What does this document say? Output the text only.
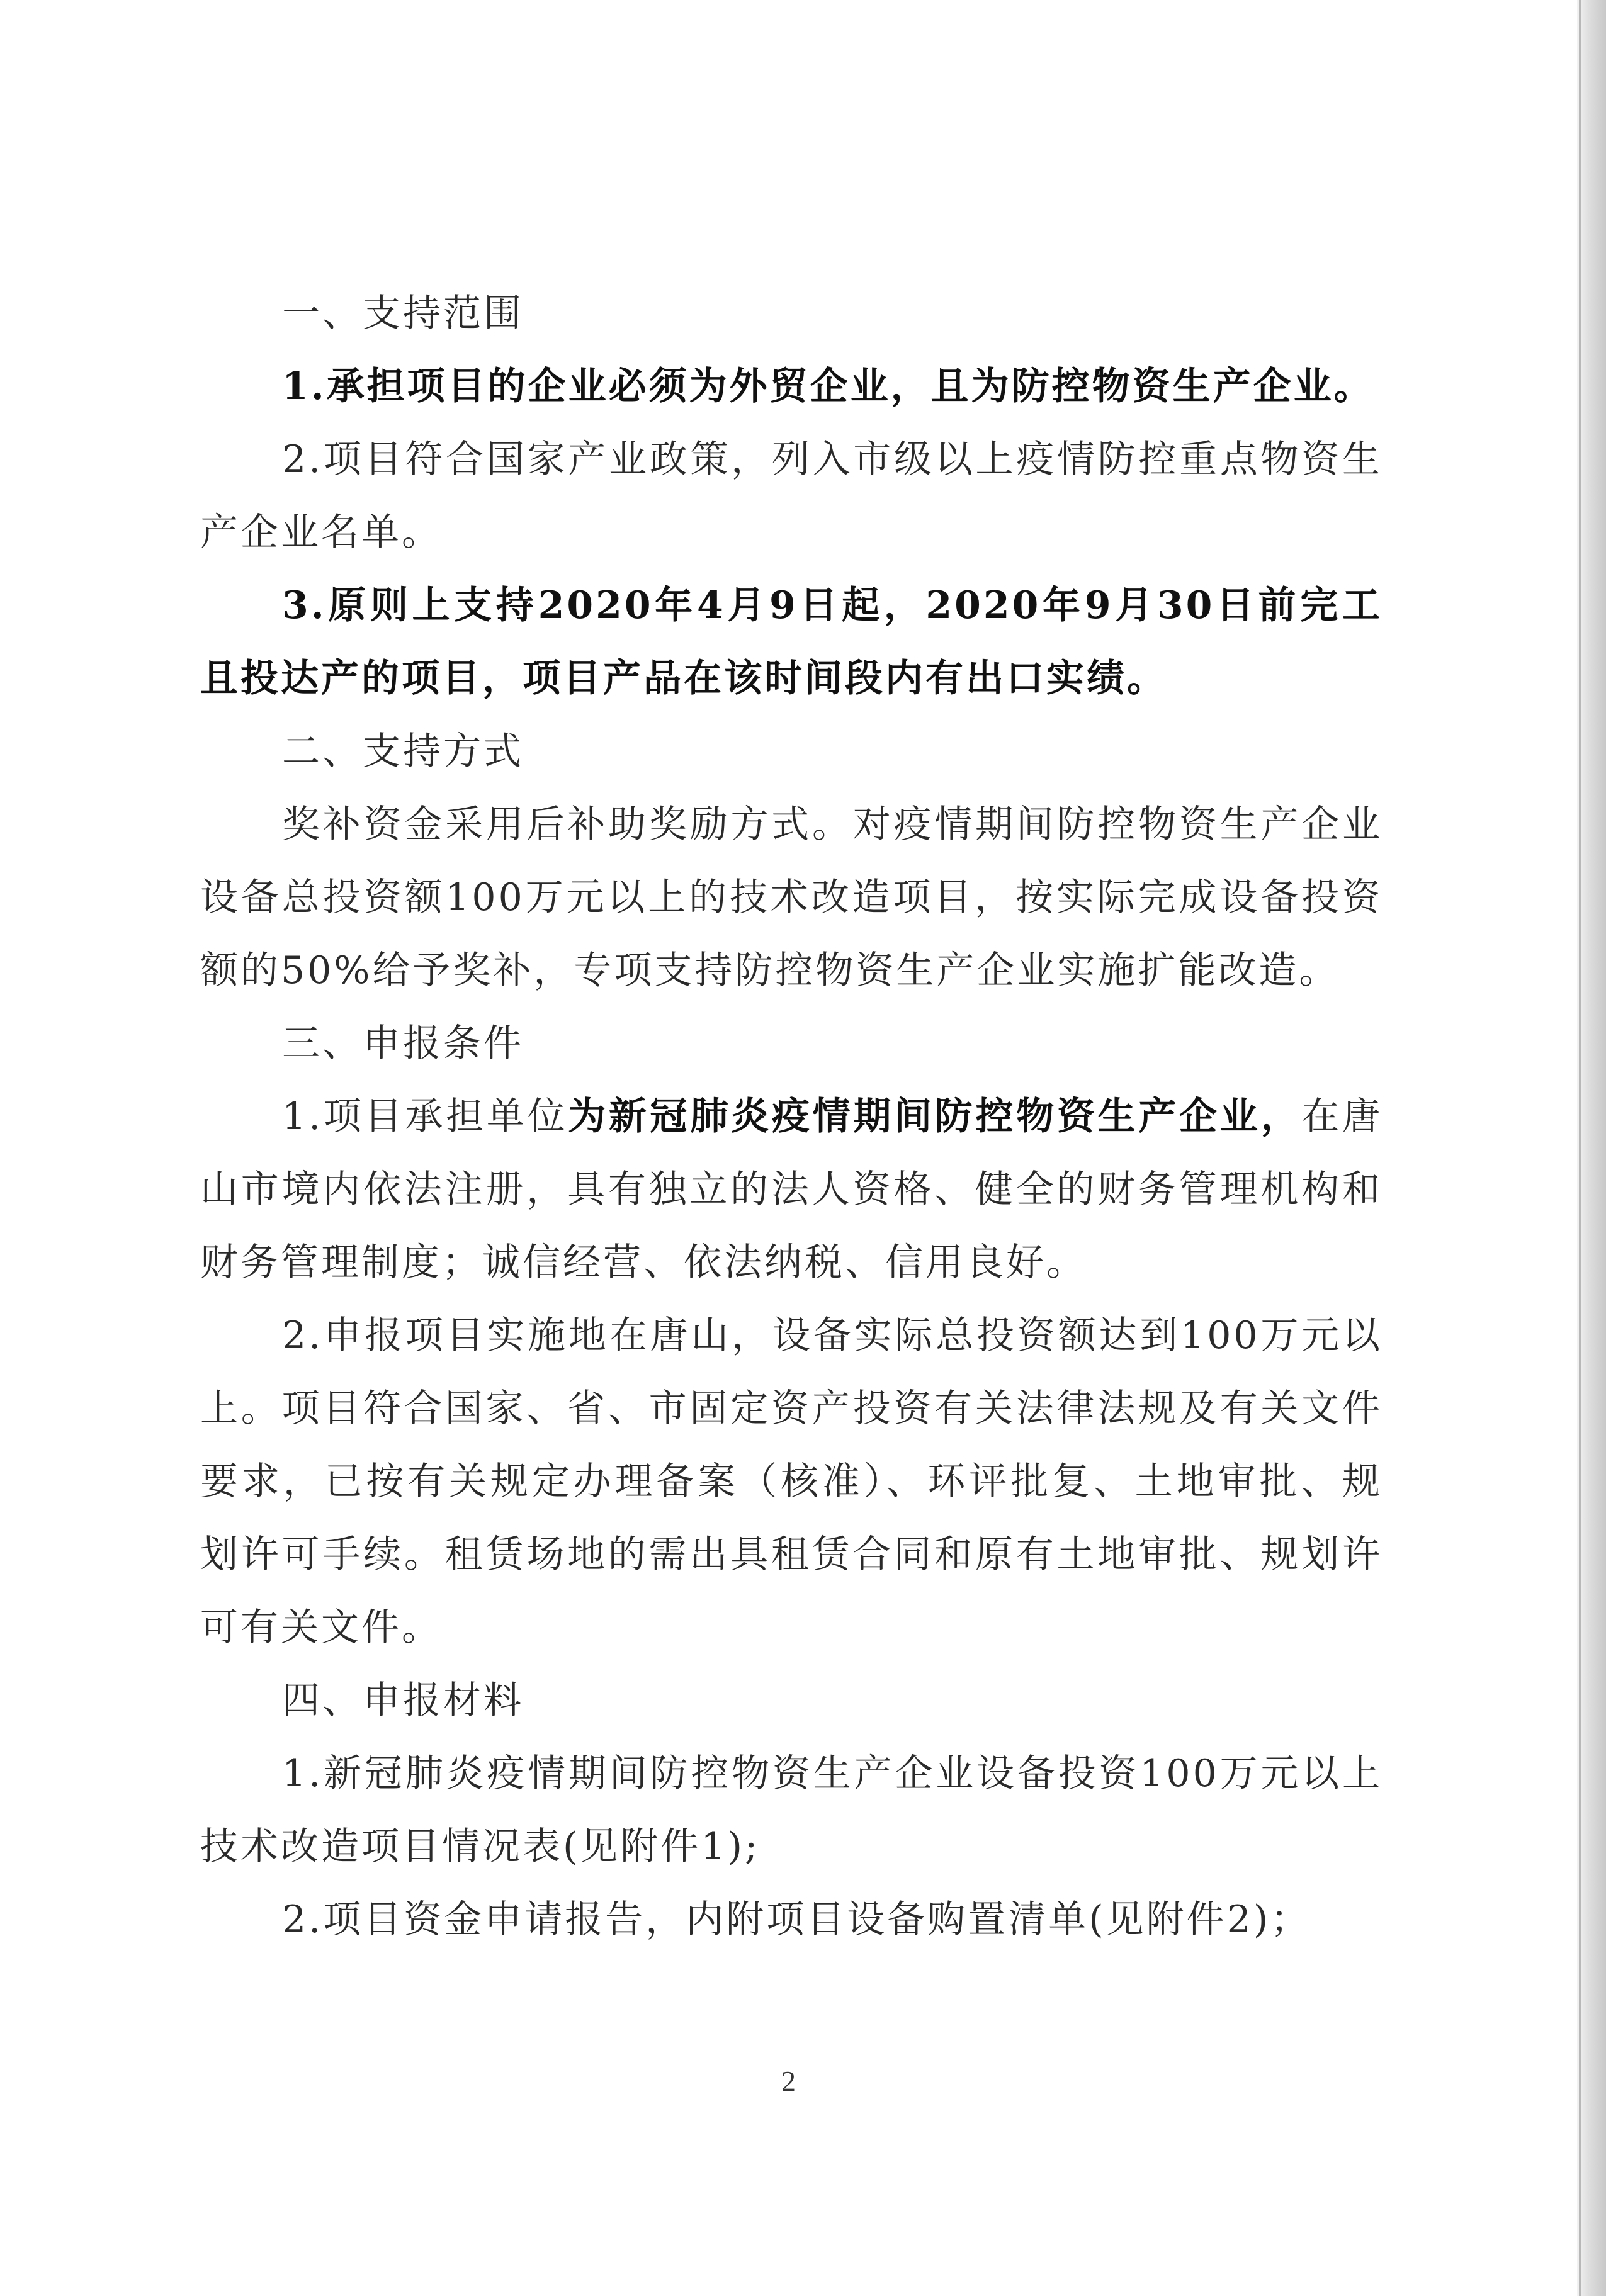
一、支持范围

1.承担项目的企业必须为外贸企业，且为防控物资生产企业。

2.项目符合国家产业政策，列入市级以上疫情防控重点物资生产企业名单。

3.原则上支持2020年4月9日起，2020年9月30日前完工且投达产的项目，项目产品在该时间段内有出口实绩。

二、支持方式

奖补资金采用后补助奖励方式。对疫情期间防控物资生产企业设备总投资额100万元以上的技术改造项目，按实际完成设备投资额的50%给予奖补，专项支持防控物资生产企业实施扩能改造。

三、申报条件

1.项目承担单位为新冠肺炎疫情期间防控物资生产企业，在唐山市境内依法注册，具有独立的法人资格、健全的财务管理机构和财务管理制度；诚信经营、依法纳税、信用良好。

2.申报项目实施地在唐山，设备实际总投资额达到100万元以上。项目符合国家、省、市固定资产投资有关法律法规及有关文件要求，已按有关规定办理备案（核准）、环评批复、土地审批、规划许可手续。租赁场地的需出具租赁合同和原有土地审批、规划许可有关文件。

四、申报材料

1.新冠肺炎疫情期间防控物资生产企业设备投资100万元以上技术改造项目情况表(见附件1);

2.项目资金申请报告，内附项目设备购置清单(见附件2)；

2
